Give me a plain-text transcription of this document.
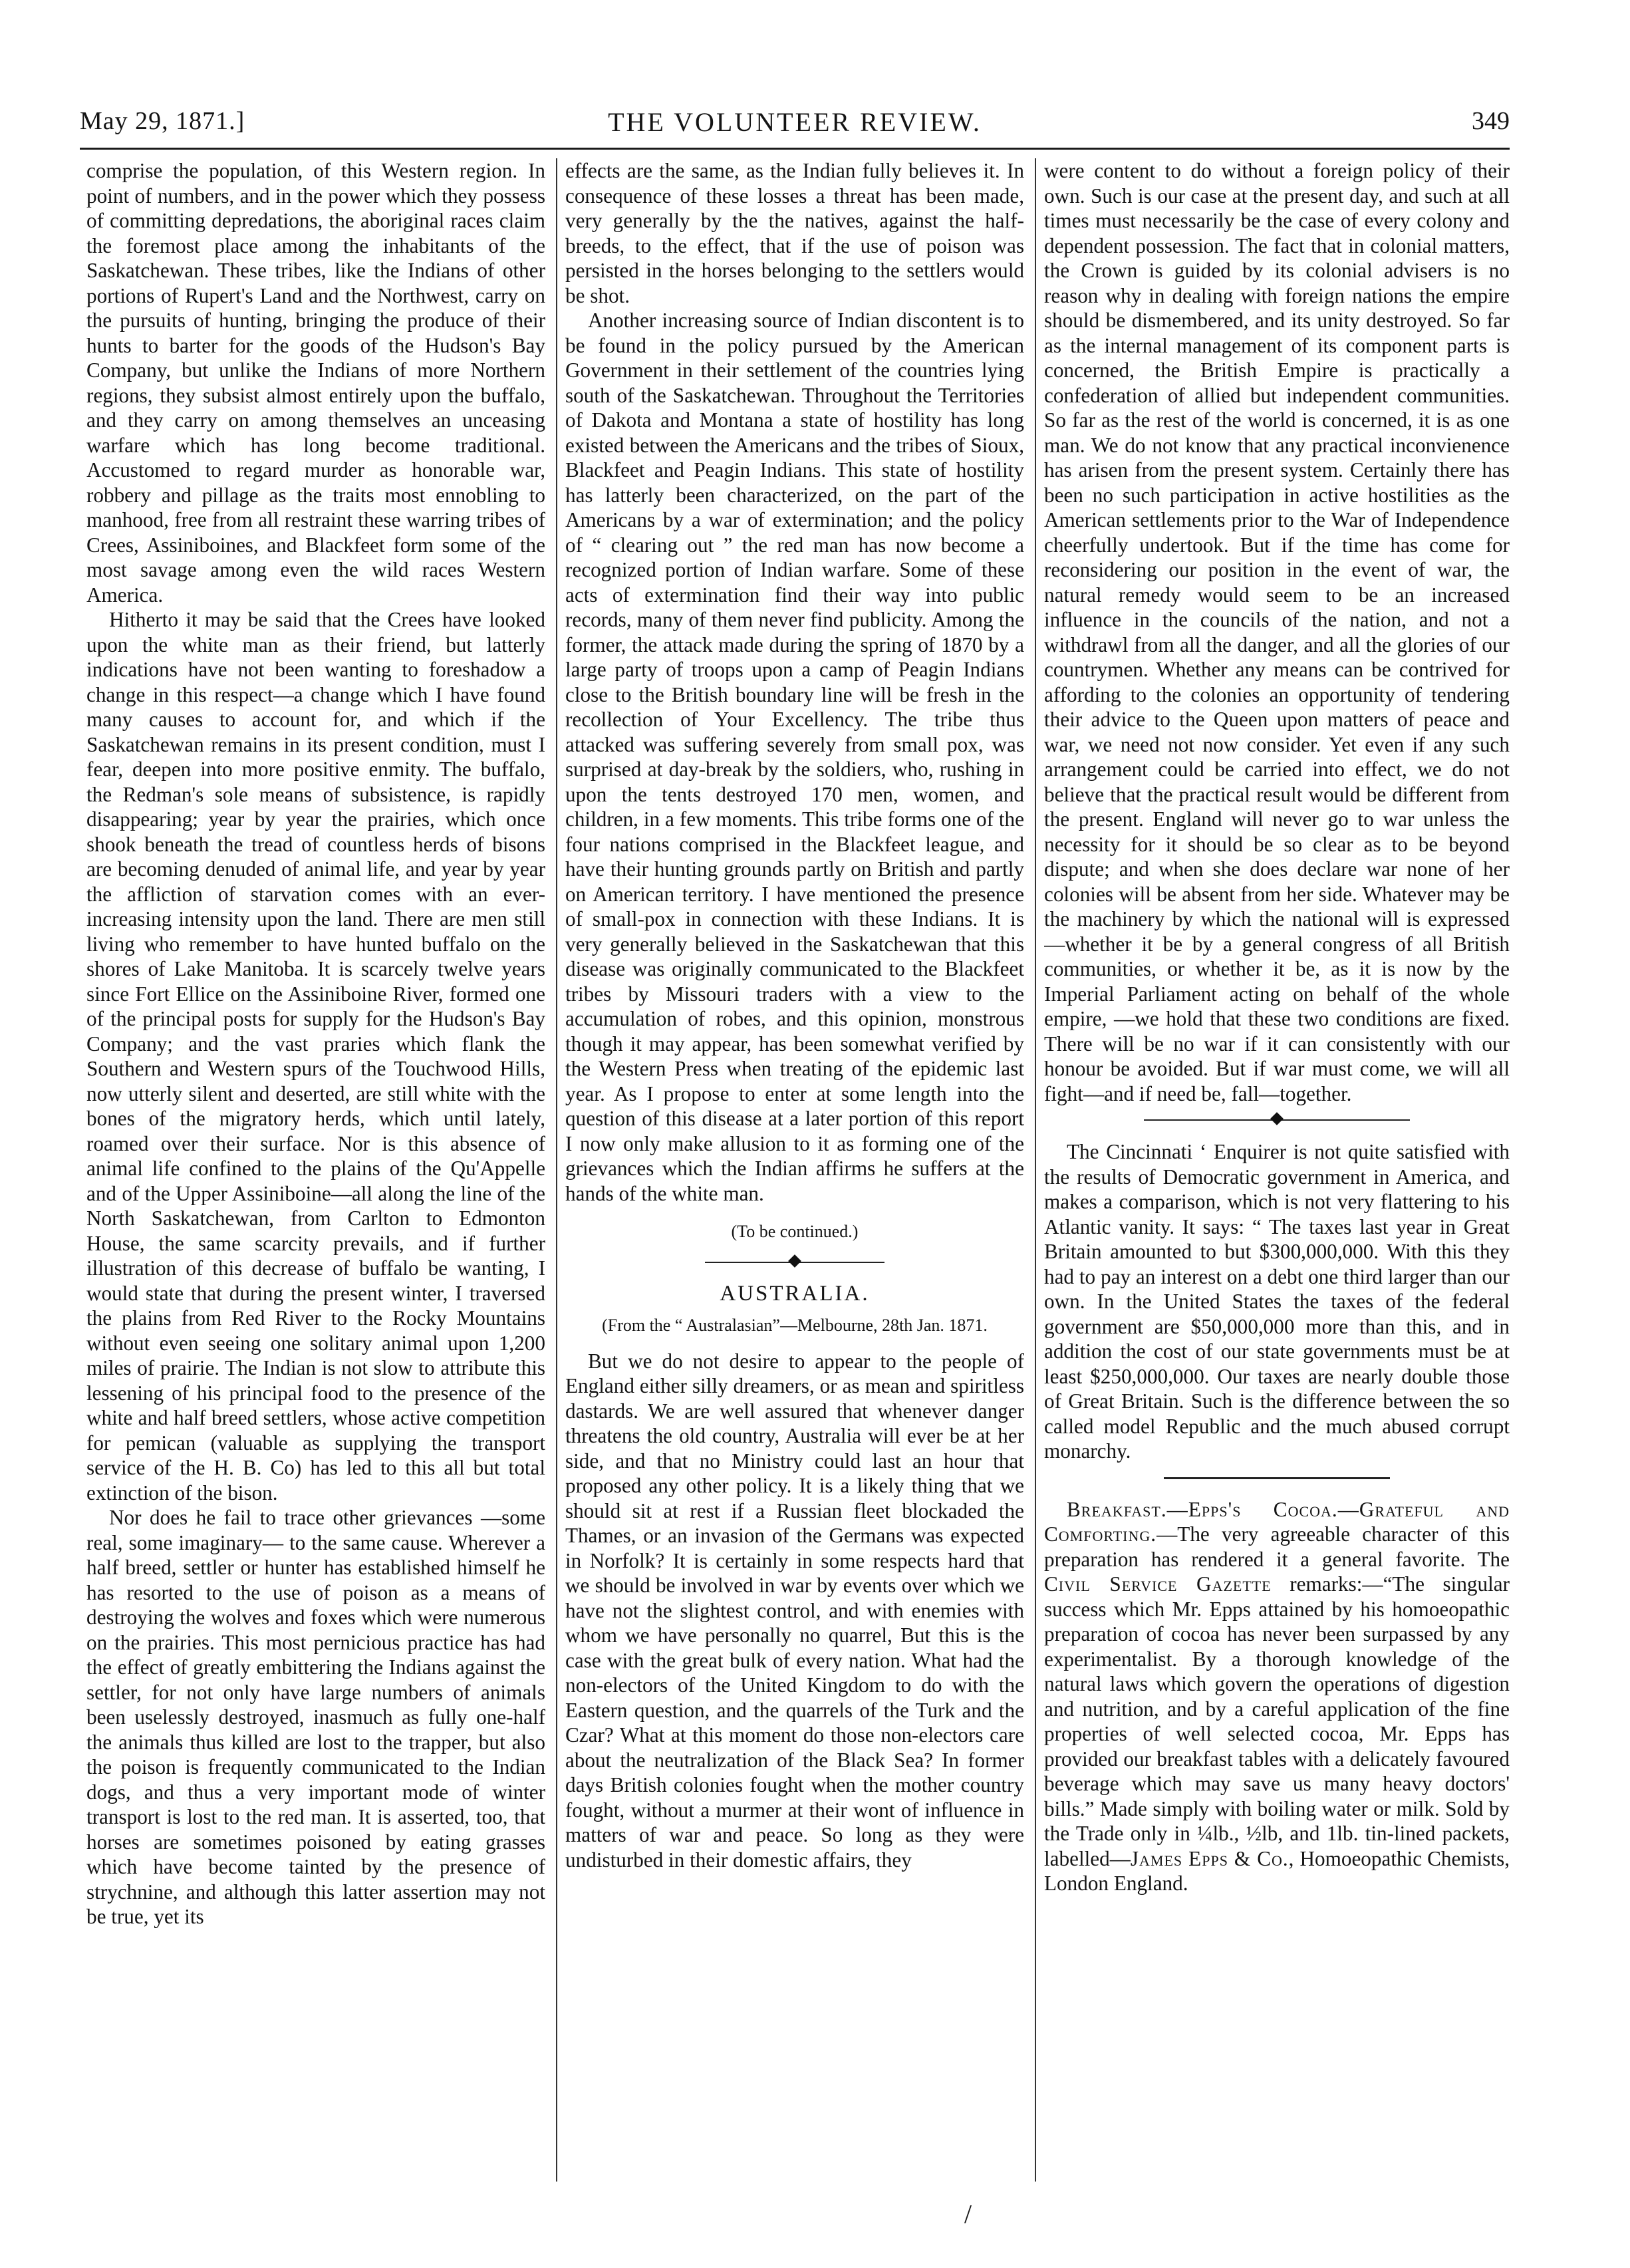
May 29, 1871.]	THE VOLUNTEER REVIEW.	349

comprise the population, of this Western region. In point of numbers, and in the power which they possess of committing depredations, the aboriginal races claim the foremost place among the inhabitants of the Saskatchewan. These tribes, like the Indians of other portions of Rupert's Land and the Northwest, carry on the pursuits of hunting, bringing the produce of their hunts to barter for the goods of the Hudson's Bay Company, but unlike the Indians of more Northern regions, they subsist almost entirely upon the buffalo, and they carry on among themselves an unceasing warfare which has long become traditional. Accustomed to regard murder as honorable war, robbery and pillage as the traits most ennobling to manhood, free from all restraint these warring tribes of Crees, Assiniboines, and Blackfeet form some of the most savage among even the wild races Western America.

Hitherto it may be said that the Crees have looked upon the white man as their friend, but latterly indications have not been wanting to foreshadow a change in this respect—a change which I have found many causes to account for, and which if the Saskatchewan remains in its present condition, must I fear, deepen into more positive enmity. The buffalo, the Redman's sole means of subsistence, is rapidly disappearing; year by year the prairies, which once shook beneath the tread of countless herds of bisons are becoming denuded of animal life, and year by year the affliction of starvation comes with an ever-increasing intensity upon the land. There are men still living who remember to have hunted buffalo on the shores of Lake Manitoba. It is scarcely twelve years since Fort Ellice on the Assiniboine River, formed one of the principal posts for supply for the Hudson's Bay Company; and the vast praries which flank the Southern and Western spurs of the Touchwood Hills, now utterly silent and deserted, are still white with the bones of the migratory herds, which until lately, roamed over their surface. Nor is this absence of animal life confined to the plains of the Qu'Appelle and of the Upper Assiniboine—all along the line of the North Saskatchewan, from Carlton to Edmonton House, the same scarcity prevails, and if further illustration of this decrease of buffalo be wanting, I would state that during the present winter, I traversed the plains from Red River to the Rocky Mountains without even seeing one solitary animal upon 1,200 miles of prairie. The Indian is not slow to attribute this lessening of his principal food to the presence of the white and half breed settlers, whose active competition for pemican (valuable as supplying the transport service of the H. B. Co) has led to this all but total extinction of the bison.

Nor does he fail to trace other grievances —some real, some imaginary— to the same cause. Wherever a half breed, settler or hunter has established himself he has resorted to the use of poison as a means of destroying the wolves and foxes which were numerous on the prairies. This most pernicious practice has had the effect of greatly embittering the Indians against the settler, for not only have large numbers of animals been uselessly destroyed, inasmuch as fully one-half the animals thus killed are lost to the trapper, but also the poison is frequently communicated to the Indian dogs, and thus a very important mode of winter transport is lost to the red man. It is asserted, too, that horses are sometimes poisoned by eating grasses which have become tainted by the presence of strychnine, and although this latter assertion may not be true, yet its

effects are the same, as the Indian fully believes it. In consequence of these losses a threat has been made, very generally by the the natives, against the half-breeds, to the effect, that if the use of poison was persisted in the horses belonging to the settlers would be shot.

Another increasing source of Indian discontent is to be found in the policy pursued by the American Government in their settlement of the countries lying south of the Saskatchewan. Throughout the Territories of Dakota and Montana a state of hostility has long existed between the Americans and the tribes of Sioux, Blackfeet and Peagin Indians. This state of hostility has latterly been characterized, on the part of the Americans by a war of extermination; and the policy of “ clearing out ” the red man has now become a recognized portion of Indian warfare. Some of these acts of extermination find their way into public records, many of them never find publicity. Among the former, the attack made during the spring of 1870 by a large party of troops upon a camp of Peagin Indians close to the British boundary line will be fresh in the recollection of Your Excellency. The tribe thus attacked was suffering severely from small pox, was surprised at day-break by the soldiers, who, rushing in upon the tents destroyed 170 men, women, and children, in a few moments. This tribe forms one of the four nations comprised in the Blackfeet league, and have their hunting grounds partly on British and partly on American territory. I have mentioned the presence of small-pox in connection with these Indians. It is very generally believed in the Saskatchewan that this disease was originally communicated to the Blackfeet tribes by Missouri traders with a view to the accumulation of robes, and this opinion, monstrous though it may appear, has been somewhat verified by the Western Press when treating of the epidemic last year. As I propose to enter at some length into the question of this disease at a later portion of this report I now only make allusion to it as forming one of the grievances which the Indian affirms he suffers at the hands of the white man.

(To be continued.)
AUSTRALIA.
(From the “ Australasian”—Melbourne, 28th Jan. 1871.

But we do not desire to appear to the people of England either silly dreamers, or as mean and spiritless dastards. We are well assured that whenever danger threatens the old country, Australia will ever be at her side, and that no Ministry could last an hour that proposed any other policy. It is a likely thing that we should sit at rest if a Russian fleet blockaded the Thames, or an invasion of the Germans was expected in Norfolk? It is certainly in some respects hard that we should be involved in war by events over which we have not the slightest control, and with enemies with whom we have personally no quarrel, But this is the case with the great bulk of every nation. What had the non-electors of the United Kingdom to do with the Eastern question, and the quarrels of the Turk and the Czar? What at this moment do those non-electors care about the neutralization of the Black Sea? In former days British colonies fought when the mother country fought, without a murmer at their wont of influence in matters of war and peace. So long as they were undisturbed in their domestic affairs, they

were content to do without a foreign policy of their own. Such is our case at the present day, and such at all times must necessarily be the case of every colony and dependent possession. The fact that in colonial matters, the Crown is guided by its colonial advisers is no reason why in dealing with foreign nations the empire should be dismembered, and its unity destroyed. So far as the internal management of its component parts is concerned, the British Empire is practically a confederation of allied but independent communities. So far as the rest of the world is concerned, it is as one man. We do not know that any practical inconvienence has arisen from the present system. Certainly there has been no such participation in active hostilities as the American settlements prior to the War of Independence cheerfully undertook. But if the time has come for reconsidering our position in the event of war, the natural remedy would seem to be an increased influence in the councils of the nation, and not a withdrawl from all the danger, and all the glories of our countrymen. Whether any means can be contrived for affording to the colonies an opportunity of tendering their advice to the Queen upon matters of peace and war, we need not now consider. Yet even if any such arrangement could be carried into effect, we do not believe that the practical result would be different from the present. England will never go to war unless the necessity for it should be so clear as to be beyond dispute; and when she does declare war none of her colonies will be absent from her side. Whatever may be the machinery by which the national will is expressed—whether it be by a general congress of all British communities, or whether it be, as it is now by the Imperial Parliament acting on behalf of the whole empire, —we hold that these two conditions are fixed. There will be no war if it can consistently with our honour be avoided. But if war must come, we will all fight—and if need be, fall—together.

The Cincinnati ‘ Enquirer is not quite satisfied with the results of Democratic government in America, and makes a comparison, which is not very flattering to his Atlantic vanity. It says: “ The taxes last year in Great Britain amounted to but $300,000,000. With this they had to pay an interest on a debt one third larger than our own. In the United States the taxes of the federal government are $50,000,000 more than this, and in addition the cost of our state governments must be at least $250,000,000. Our taxes are nearly double those of Great Britain. Such is the difference between the so called model Republic and the much abused corrupt monarchy.

Breakfast.—Epps's Cocoa.—Grateful and Comforting.—The very agreeable character of this preparation has rendered it a general favorite. The Civil Service Gazette remarks:—“The singular success which Mr. Epps attained by his homoeopathic preparation of cocoa has never been surpassed by any experimentalist. By a thorough knowledge of the natural laws which govern the operations of digestion and nutrition, and by a careful application of the fine properties of well selected cocoa, Mr. Epps has provided our breakfast tables with a delicately favoured beverage which may save us many heavy doctors' bills.” Made simply with boiling water or milk. Sold by the Trade only in ¼lb., ½lb, and 1lb. tin-lined packets, labelled—James Epps & Co., Homoeopathic Chemists, London England.

/
